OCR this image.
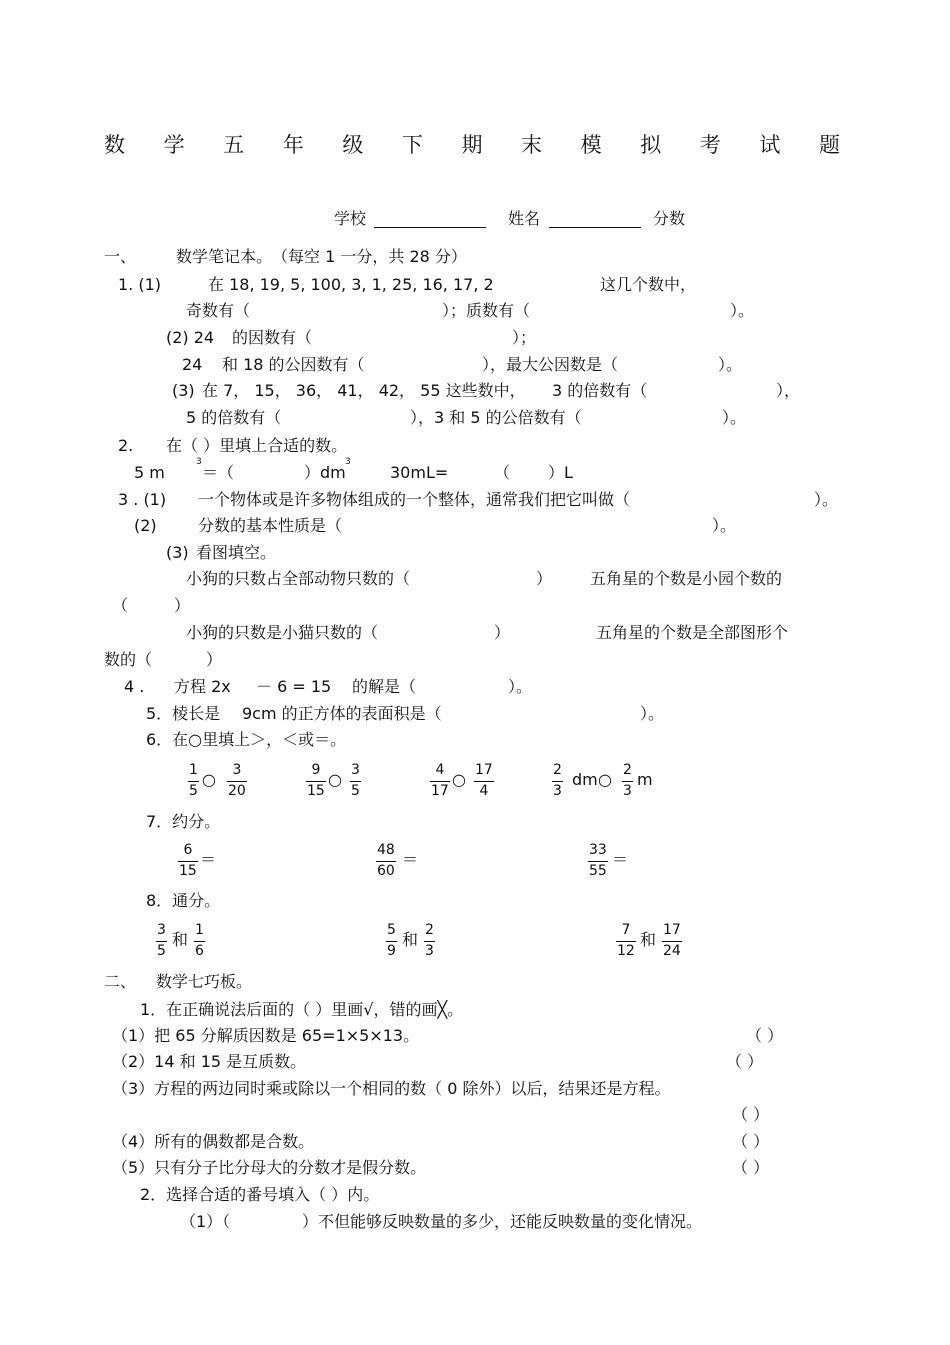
数 学 五 年 级 下 期 末 模 拟 考 试 题
学校	姓名	分数
一、 数学笔记本。 （每空 1 一分，共 28 分）
1. (1)	在 18, 19, 5, 100, 3, 1, 25, 16, 17, 2	这几个数中，
奇数有（	）；质数有（	）。
(2) 24 的因数有（	）；
24 和 18 的公因数有（	），最大公因数是（	）。
(3) 在 7， 15， 36， 41， 42， 55 这些数中， 3 的倍数有（	），
5 的倍数有（	），3 和 5 的公倍数有（	）。
2. 在（ ）里填上合适的数。
5 m
3
＝（	）dm
3
30mL=	（ ）L
3 . (1) 一个物体或是许多物体组成的一个整体，通常我们把它叫做（	）。
(2)	分数的基本性质是（	）。
(3) 看图填空。
小狗的只数占全部动物只数的（	） 五角星的个数是小园个数的
（	）
小狗的只数是小猫只数的（	）	五角星的个数是全部图形个
数的（	）
4 . 方程 2x － 6 = 15 的解是（	）。
5．棱长是 9cm 的正方体的表面积是（	）。
6．在○里填上＞，＜或＝。
1
5
○ 3
20
9
15
○ 3
5
4
17
○ 17
4
2
3
dm ○ 2
3
m
7．约分。
6
15
＝	48
60
＝	33
55
＝
8．通分。
3
5
和 1
6
5
9
和 2
3
7
12
和 17
24
二、 数学七巧板。
1．在正确说法后面的（ ）里画√，错的画╳。
（1）把 65 分解质因数是 65=1×5×13。	（ ）
（2）14 和 15 是互质数。	（ ）
（3）方程的两边同时乘或除以一个相同的数（ 0 除外）以后，结果还是方程。
（ ）
（4）所有的偶数都是合数。	（ ）
（5）只有分子比分母大的分数才是假分数。	（ ）
2．选择合适的番号填入（ ）内。
（1）（	）不但能够反映数量的多少，还能反映数量的变化情况。
